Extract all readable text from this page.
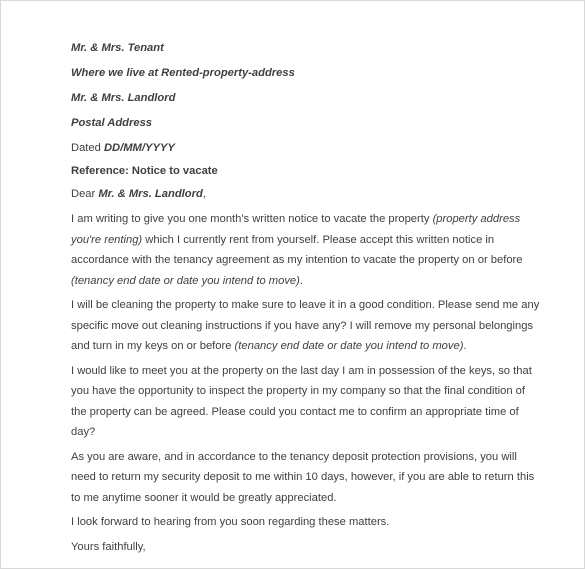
Mr. & Mrs. Tenant
Where we live at Rented-property-address
Mr. & Mrs. Landlord
Postal Address
Dated DD/MM/YYYY
Reference: Notice to vacate
Dear Mr. & Mrs. Landlord,
I am writing to give you one month's written notice to vacate the property (property address you're renting) which I currently rent from yourself. Please accept this written notice in accordance with the tenancy agreement as my intention to vacate the property on or before (tenancy end date or date you intend to move).
I will be cleaning the property to make sure to leave it in a good condition. Please send me any specific move out cleaning instructions if you have any? I will remove my personal belongings and turn in my keys on or before (tenancy end date or date you intend to move).
I would like to meet you at the property on the last day I am in possession of the keys, so that you have the opportunity to inspect the property in my company so that the final condition of the property can be agreed. Please could you contact me to confirm an appropriate time of day?
As you are aware, and in accordance to the tenancy deposit protection provisions, you will need to return my security deposit to me within 10 days, however, if you are able to return this to me anytime sooner it would be greatly appreciated.
I look forward to hearing from you soon regarding these matters.
Yours faithfully,
